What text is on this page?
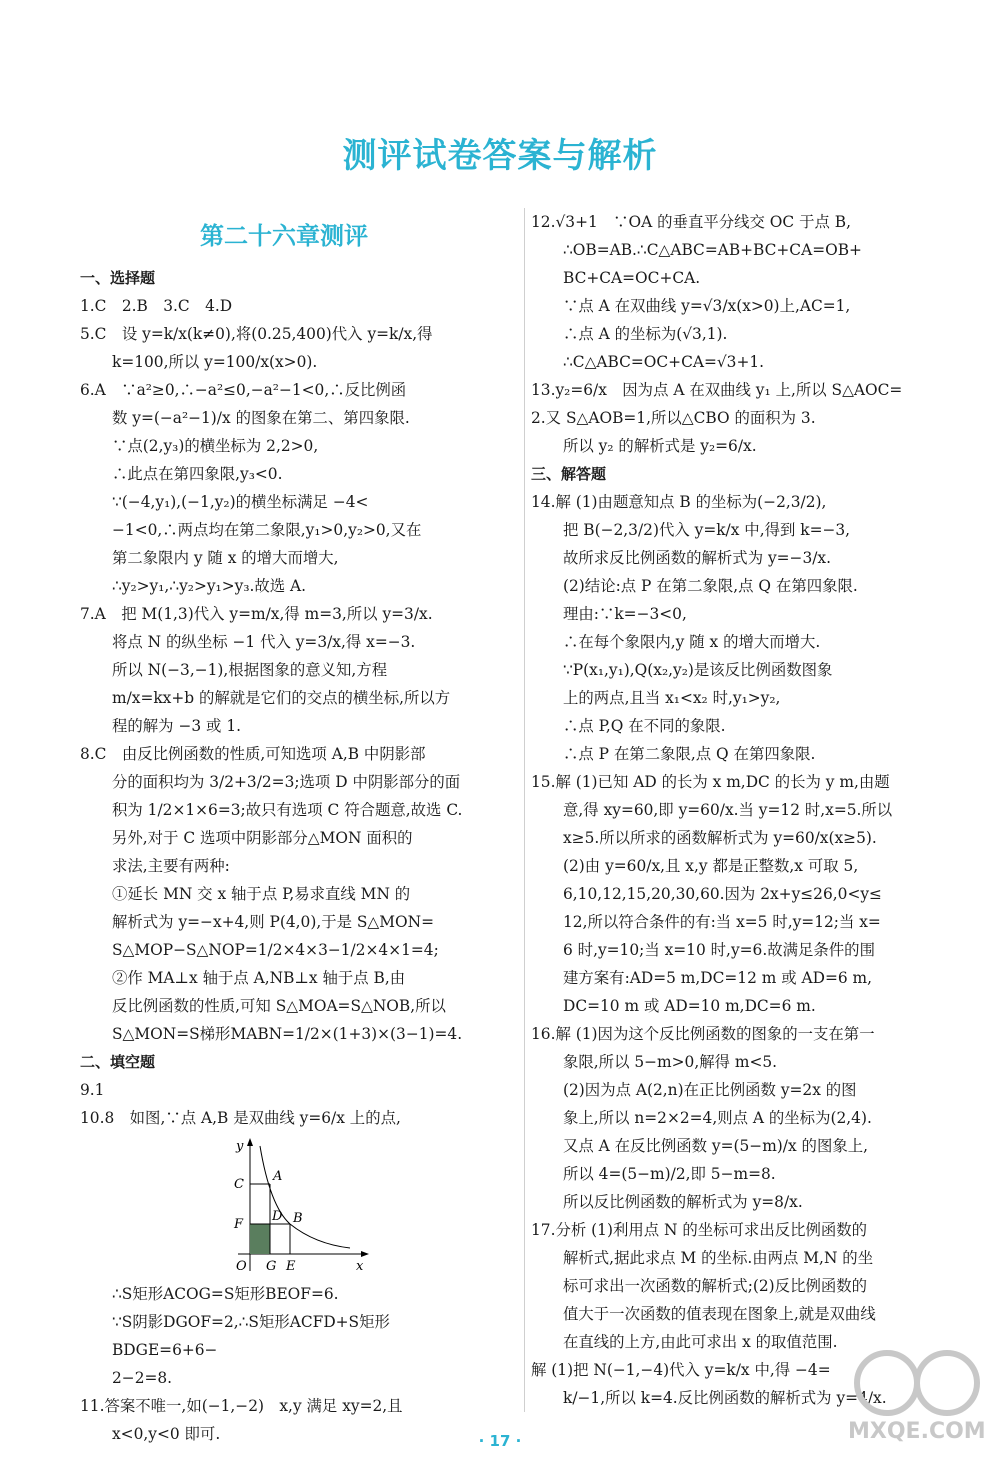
测评试卷答案与解析
第二十六章测评
一、选择题
1.C　2.B　3.C　4.D
5.C　设 y=k/x(k≠0),将(0.25,400)代入 y=k/x,得
k=100,所以 y=100/x(x>0).
6.A　∵a²≥0,∴−a²≤0,−a²−1<0,∴反比例函
数 y=(−a²−1)/x 的图象在第二、第四象限.
∵点(2,y₃)的横坐标为 2,2>0,
∴此点在第四象限,y₃<0.
∵(−4,y₁),(−1,y₂)的横坐标满足 −4<
−1<0,∴两点均在第二象限,y₁>0,y₂>0,又在
第二象限内 y 随 x 的增大而增大,
∴y₂>y₁,∴y₂>y₁>y₃.故选 A.
7.A　把 M(1,3)代入 y=m/x,得 m=3,所以 y=3/x.
将点 N 的纵坐标 −1 代入 y=3/x,得 x=−3.
所以 N(−3,−1),根据图象的意义知,方程
m/x=kx+b 的解就是它们的交点的横坐标,所以方
程的解为 −3 或 1.
8.C　由反比例函数的性质,可知选项 A,B 中阴影部
分的面积均为 3/2+3/2=3;选项 D 中阴影部分的面
积为 1/2×1×6=3;故只有选项 C 符合题意,故选 C.
另外,对于 C 选项中阴影部分△MON 面积的
求法,主要有两种:
①延长 MN 交 x 轴于点 P,易求直线 MN 的
解析式为 y=−x+4,则 P(4,0),于是 S△MON=
S△MOP−S△NOP=1/2×4×3−1/2×4×1=4;
②作 MA⊥x 轴于点 A,NB⊥x 轴于点 B,由
反比例函数的性质,可知 S△MOA=S△NOB,所以
S△MON=S梯形MABN=1/2×(1+3)×(3−1)=4.
二、填空题
9.1
10.8　如图,∵点 A,B 是双曲线 y=6/x 上的点,
y
C
A
F
D B
O G E	x
∴S矩形ACOG=S矩形BEOF=6.
∵S阴影DGOF=2,∴S矩形ACFD+S矩形BDGE=6+6−
2−2=8.
11.答案不唯一,如(−1,−2)　x,y 满足 xy=2,且
x<0,y<0 即可.
12.√3+1　∵OA 的垂直平分线交 OC 于点 B,
∴OB=AB.∴C△ABC=AB+BC+CA=OB+
BC+CA=OC+CA.
∵点 A 在双曲线 y=√3/x(x>0)上,AC=1,
∴点 A 的坐标为(√3,1).
∴C△ABC=OC+CA=√3+1.
13.y₂=6/x　因为点 A 在双曲线 y₁ 上,所以 S△AOC=
2.又 S△AOB=1,所以△CBO 的面积为 3.
所以 y₂ 的解析式是 y₂=6/x.
三、解答题
14.解 (1)由题意知点 B 的坐标为(−2,3/2),
把 B(−2,3/2)代入 y=k/x 中,得到 k=−3,
故所求反比例函数的解析式为 y=−3/x.
(2)结论:点 P 在第二象限,点 Q 在第四象限.
理由:∵k=−3<0,
∴在每个象限内,y 随 x 的增大而增大.
∵P(x₁,y₁),Q(x₂,y₂)是该反比例函数图象
上的两点,且当 x₁<x₂ 时,y₁>y₂,
∴点 P,Q 在不同的象限.
∴点 P 在第二象限,点 Q 在第四象限.
15.解 (1)已知 AD 的长为 x m,DC 的长为 y m,由题
意,得 xy=60,即 y=60/x.当 y=12 时,x=5.所以
x≥5.所以所求的函数解析式为 y=60/x(x≥5).
(2)由 y=60/x,且 x,y 都是正整数,x 可取 5,
6,10,12,15,20,30,60.因为 2x+y≤26,0<y≤
12,所以符合条件的有:当 x=5 时,y=12;当 x=
6 时,y=10;当 x=10 时,y=6.故满足条件的围
建方案有:AD=5 m,DC=12 m 或 AD=6 m,
DC=10 m 或 AD=10 m,DC=6 m.
16.解 (1)因为这个反比例函数的图象的一支在第一
象限,所以 5−m>0,解得 m<5.
(2)因为点 A(2,n)在正比例函数 y=2x 的图
象上,所以 n=2×2=4,则点 A 的坐标为(2,4).
又点 A 在反比例函数 y=(5−m)/x 的图象上,
所以 4=(5−m)/2,即 5−m=8.
所以反比例函数的解析式为 y=8/x.
17.分析 (1)利用点 N 的坐标可求出反比例函数的
解析式,据此求点 M 的坐标.由两点 M,N 的坐
标可求出一次函数的解析式;(2)反比例函数的
值大于一次函数的值表现在图象上,就是双曲线
在直线的上方,由此可求出 x 的取值范围.
解 (1)把 N(−1,−4)代入 y=k/x 中,得 −4=
k/−1,所以 k=4.反比例函数的解析式为 y=4/x.
· 17 ·	MXQE.COM
